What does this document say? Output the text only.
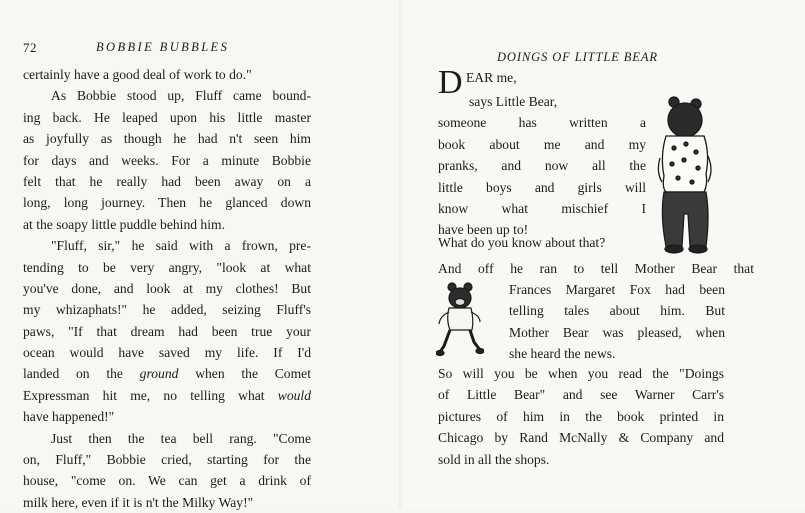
72	BOBBIE BUBBLES
certainly have a good deal of work to do."
As Bobbie stood up, Fluff came bound-
ing back. He leaped upon his little master
as joyfully as though he had n't seen him
for days and weeks. For a minute Bobbie
felt that he really had been away on a
long, long journey. Then he glanced down
at the soapy little puddle behind him.
"Fluff, sir," he said with a frown, pre-
tending to be very angry, "look at what
you've done, and look at my clothes! But
my whizaphats!" he added, seizing Fluff's
paws, "If that dream had been true your
ocean would have saved my life. If I'd
landed on the ground when the Comet
Expressman hit me, no telling what would
have happened!"
Just then the tea bell rang. "Come
on, Fluff," Bobbie cried, starting for the
house, "come on. We can get a drink of
milk here, even if it is n't the Milky Way!"
DOINGS OF LITTLE BEAR
D EAR me,
says Little Bear,
someone has written a
book about me and my
pranks, and now all the
little boys and girls will
know what mischief I
have been up to!
What do you know about that?
And off he ran to tell Mother Bear that
Frances Margaret Fox had been
telling tales about him. But
Mother Bear was pleased, when
she heard the news.
So will you be when you read the "Doings
of Little Bear" and see Warner Carr's
pictures of him in the book printed in
Chicago by Rand McNally & Company and
sold in all the shops.
